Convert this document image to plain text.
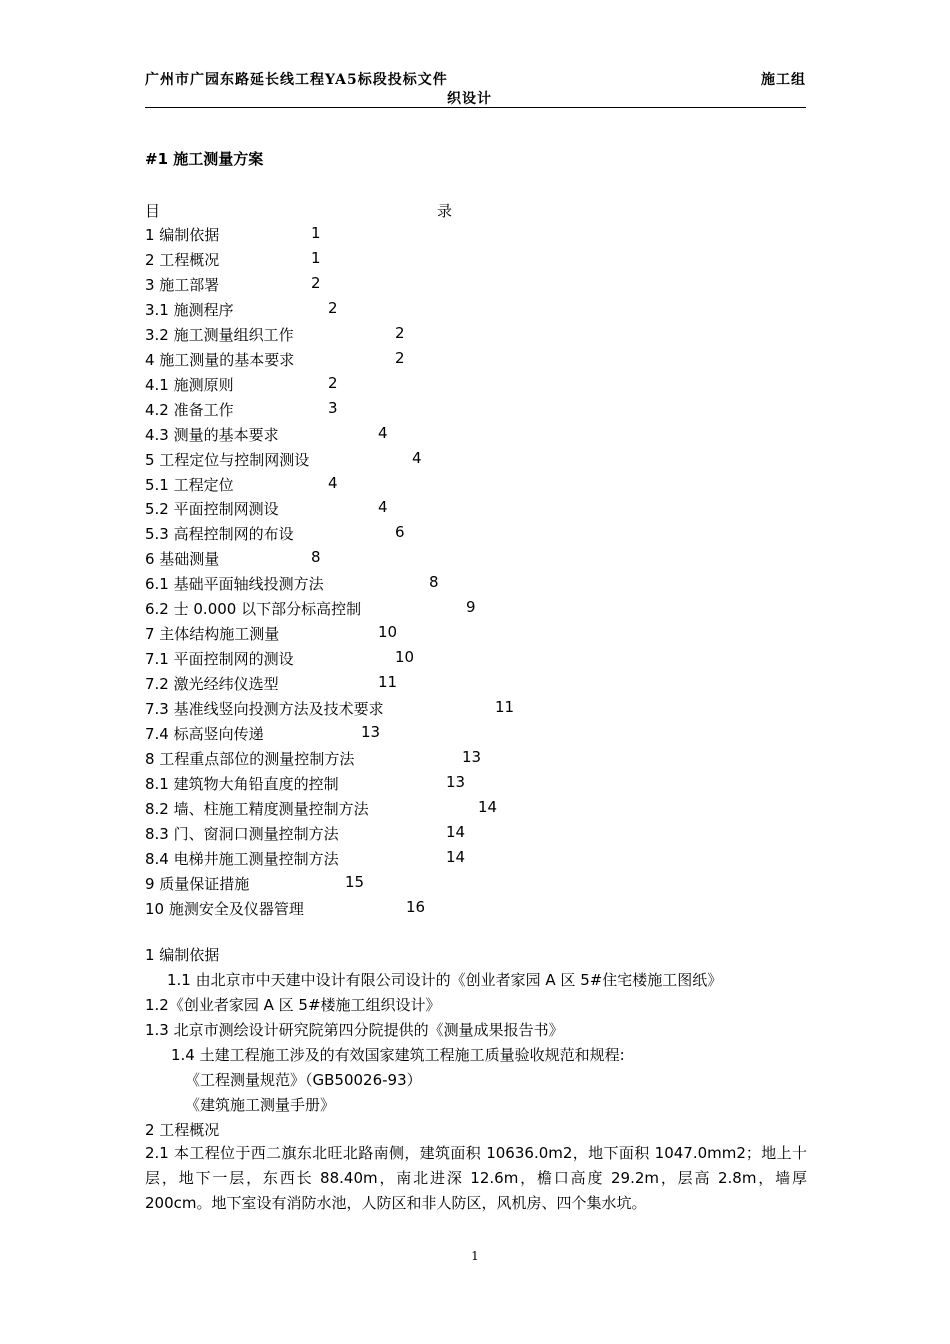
广州市广园东路延长线工程YA5标段投标文件
织设计
施工组
#1 施工测量方案
目	录
1 编制依据	1
2 工程概况	1
3 施工部署	2
3.1 施测程序	2
3.2 施工测量组织工作	2
4 施工测量的基本要求	2
4.1 施测原则	2
4.2 准备工作	3
4.3 测量的基本要求	4
5 工程定位与控制网测设	4
5.1 工程定位	4
5.2 平面控制网测设	4
5.3 高程控制网的布设	6
6 基础测量	8
6.1 基础平面轴线投测方法	8
6.2 士 0.000 以下部分标高控制	9
7 主体结构施工测量	10
7.1 平面控制网的测设	10
7.2 激光经纬仪选型	11
7.3 基准线竖向投测方法及技术要求	11
7.4 标高竖向传递	13
8 工程重点部位的测量控制方法	13
8.1 建筑物大角铅直度的控制	13
8.2 墙、柱施工精度测量控制方法	14
8.3 门、窗洞口测量控制方法	14
8.4 电梯井施工测量控制方法	14
9 质量保证措施	15
10 施测安全及仪器管理	16
1 编制依据
1.1 由北京市中天建中设计有限公司设计的《创业者家园 A 区 5#住宅楼施工图纸》
1.2《创业者家园 A 区 5#楼施工组织设计》
1.3 北京市测绘设计研究院第四分院提供的《测量成果报告书》
1.4 土建工程施工涉及的有效国家建筑工程施工质量验收规范和规程:
《工程测量规范》（GB50026-93）
《建筑施工测量手册》
2 工程概况
2.1 本工程位于西二旗东北旺北路南侧，建筑面积 10636.0m2，地下面积 1047.0mm2；地上十层，地下一层，东西长 88.40m，南北进深 12.6m，檐口高度 29.2m，层高 2.8m，墙厚 200cm。地下室设有消防水池，人防区和非人防区，风机房、四个集水坑。
1
